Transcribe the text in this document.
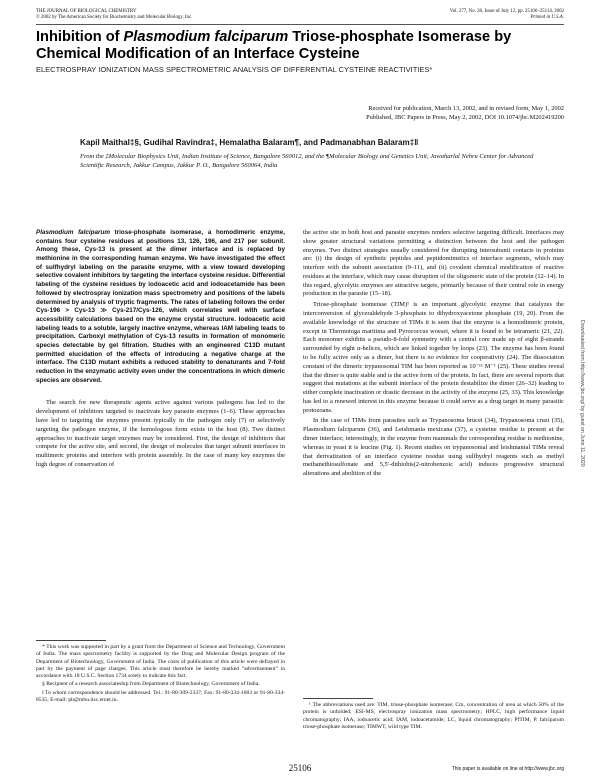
THE JOURNAL OF BIOLOGICAL CHEMISTRY
© 2002 by The American Society for Biochemistry and Molecular Biology, Inc.
Vol. 277, No. 28, Issue of July 12, pp. 25106–25114, 2002
Printed in U.S.A.
Inhibition of Plasmodium falciparum Triose-phosphate Isomerase by Chemical Modification of an Interface Cysteine
ELECTROSPRAY IONIZATION MASS SPECTROMETRIC ANALYSIS OF DIFFERENTIAL CYSTEINE REACTIVITIES*
Received for publication, March 13, 2002, and in revised form, May 1, 2002
Published, JBC Papers in Press, May 2, 2002, DOI 10.1074/jbc.M202419200
Kapil Maithal‡§, Gudihal Ravindra‡, Hemalatha Balaram¶, and Padmanabhan Balaram‡‖
From the ‡Molecular Biophysics Unit, Indian Institute of Science, Bangalore 560012, and the ¶Molecular Biology and Genetics Unit, Jawaharlal Nehru Center for Advanced Scientific Research, Jakkur Campus, Jakkur P. O., Bangalore 560064, India

Plasmodium falciparum triose-phosphate isomerase, a homodimeric enzyme, contains four cysteine residues at positions 13, 126, 196, and 217 per subunit. Among these, Cys-13 is present at the dimer interface and is replaced by methionine in the corresponding human enzyme. We have investigated the effect of sulfhydryl labeling on the parasite enzyme, with a view toward developing selective covalent inhibitors by targeting the interface cysteine residue. Differential labeling of the cysteine residues by iodoacetic acid and iodoacetamide has been followed by electrospray ionization mass spectrometry and positions of the labels determined by analysis of tryptic fragments. The rates of labeling follows the order Cys-196 > Cys-13 ≫ Cys-217/Cys-126, which correlates well with surface accessibility calculations based on the enzyme crystal structure. Iodoacetic acid labeling leads to a soluble, largely inactive enzyme, whereas IAM labeling leads to precipitation. Carboxyl methylation of Cys-13 results in formation of monomeric species detectable by gel filtration. Studies with an engineered C13D mutant permitted elucidation of the effects of introducing a negative charge at the interface. The C13D mutant exhibits a reduced stability to denaturants and 7-fold reduction in the enzymatic activity even under the concentrations in which dimeric species are observed.

The search for new therapeutic agents active against various pathogens has led to the development of inhibitors targeted to inactivate key parasite enzymes (1–6). These approaches have led to targeting the enzymes present typically in the pathogen only (7) or selectively targeting the pathogen enzyme, if the homologous form exists in the host (8). Two distinct approaches to inactivate target enzymes may be considered. First, the design of inhibitors that compete for the active site, and second, the design of molecules that target subunit interfaces in multimeric proteins and interfere with protein assembly. In the case of many key enzymes the high degree of conservation of

the active site in both host and parasite enzymes renders selective targeting difficult. Interfaces may show greater structural variations permitting a distinction between the host and the pathogen enzymes. Two distinct strategies usually considered for disrupting intersubunit contacts in proteins are: (i) the design of synthetic peptides and peptidomimetics of interface segments, which may interfere with the subunit association (9–11), and (ii) covalent chemical modification of reactive residues at the interface, which may cause disruption of the oligomeric state of the protein (12–14). In this regard, glycolytic enzymes are attractive targets, primarily because of their central role in energy production in the parasite (15–18).

Triose-phosphate isomerase (TIM)¹ is an important glycolytic enzyme that catalyzes the interconversion of glyceraldehyde 3-phosphate to dihydroxyacetone phosphate (19, 20). From the available knowledge of the structure of TIMs it is seen that the enzyme is a homodimeric protein, except in Thermotoga maritima and Pyrococcus woesei, where it is found to be tetrameric (21, 22). Each monomer exhibits a pseudo-8-fold symmetry with a central core made up of eight β-strands surrounded by eight α-helices, which are linked together by loops (23). The enzyme has been found to be fully active only as a dimer, but there is no evidence for cooperativity (24). The dissociation constant of the dimeric trypanosomal TIM has been reported as 10⁻¹¹ M⁻¹ (25). These studies reveal that the dimer is quite stable and is the active form of the protein. In fact, there are several reports that suggest that mutations at the subunit interface of the protein destabilize the dimer (26–32) leading to either complete inactivation or drastic decrease in the activity of the enzyme (25, 33). This knowledge has led to a renewed interest in this enzyme because it could serve as a drug target in many parasitic protozoans.

In the case of TIMs from parasites such as Trypanosoma brucei (34), Trypanosoma cruzi (35), Plasmodium falciparum (36), and Leishmania mexicana (37), a cysteine residue is present at the dimer interface; interestingly, in the enzyme from mammals the corresponding residue is methionine, whereas in yeast it is leucine (Fig. 1). Recent studies on trypanosomal and leishmanial TIMs reveal that derivatization of an interface cysteine residue using sulfhydryl reagents such as methyl methanethiosulfonate and 5,5′-dithiobis(2-nitrobenzoic acid) induces progressive structural alterations and abolition of the

* This work was supported in part by a grant from the Department of Science and Technology, Government of India. The mass spectrometry facility is supported by the Drug and Molecular Design program of the Department of Biotechnology, Government of India. The costs of publication of this article were defrayed in part by the payment of page charges. This article must therefore be hereby marked "advertisement" in accordance with 18 U.S.C. Section 1734 solely to indicate this fact.

§ Recipient of a research associateship from Department of Biotechnology, Government of India.

‖ To whom correspondence should be addressed. Tel.: 91-80-309-2337; Fax: 91-80-334-1683 or 91-80-334-8535; E-mail: pb@mbu.iisc.ernet.in.

¹ The abbreviations used are: TIM, triose-phosphate isomerase; Cm, concentration of urea at which 50% of the protein is unfolded; ESI-MS, electrospray ionization mass spectrometry; HPLC, high performance liquid chromatography; IAA, iodoacetic acid; IAM, iodoacetamide; LC, liquid chromatography; PfTIM, P. falciparum triose-phosphate isomerase; TIMWT, wild type TIM.
25106	This paper is available on line at http://www.jbc.org
Downloaded from http://www.jbc.org/ by guest on June 11, 2020
